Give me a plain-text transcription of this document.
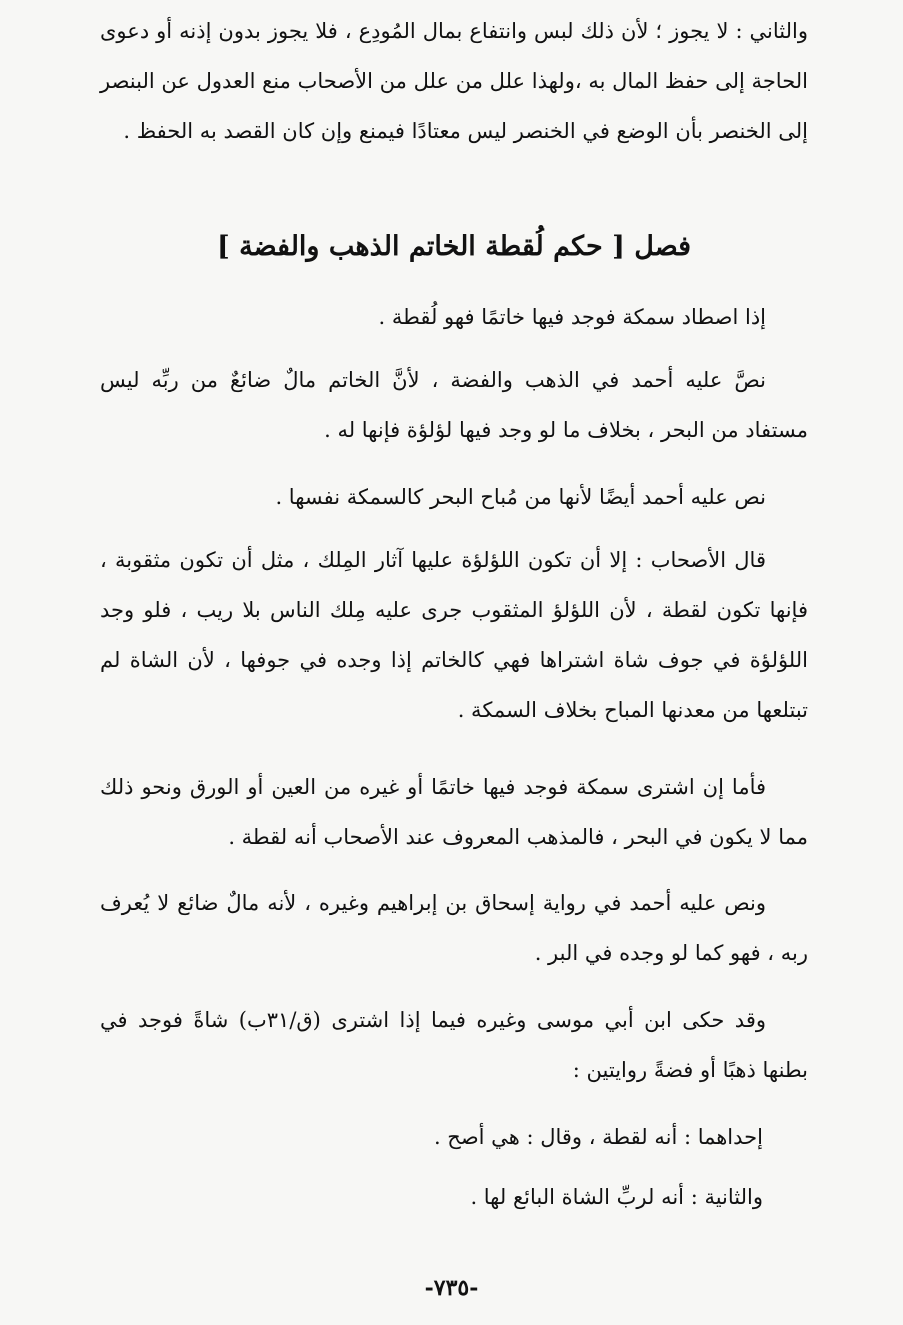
والثاني : لا يجوز ؛ لأن ذلك لبس وانتفاع بمال المُودِع ، فلا يجوز بدون إذنه أو دعوى الحاجة إلى حفظ المال به ،ولهذا علل من علل من الأصحاب منع العدول عن البنصر إلى الخنصر بأن الوضع في الخنصر ليس معتادًا فيمنع وإن كان القصد به الحفظ .

فصل [ حكم لُقطة الخاتم الذهب والفضة ]

إذا اصطاد سمكة فوجد فيها خاتمًا فهو لُقطة .

نصَّ عليه أحمد في الذهب والفضة ، لأنَّ الخاتم مالٌ ضائعٌ من ربِّه ليس مستفاد من البحر ، بخلاف ما لو وجد فيها لؤلؤة فإنها له .

نص عليه أحمد أيضًا لأنها من مُباح البحر كالسمكة نفسها .

قال الأصحاب : إلا أن تكون اللؤلؤة عليها آثار المِلك ، مثل أن تكون مثقوبة ، فإنها تكون لقطة ، لأن اللؤلؤ المثقوب جرى عليه مِلك الناس بلا ريب ، فلو وجد اللؤلؤة في جوف شاة اشتراها فهي كالخاتم إذا وجده في جوفها ، لأن الشاة لم تبتلعها من معدنها المباح بخلاف السمكة .

فأما إن اشترى سمكة فوجد فيها خاتمًا أو غيره من العين أو الورق ونحو ذلك مما لا يكون في البحر ، فالمذهب المعروف عند الأصحاب أنه لقطة .

ونص عليه أحمد في رواية إسحاق بن إبراهيم وغيره ، لأنه مالٌ ضائع لا يُعرف ربه ، فهو كما لو وجده في البر .

وقد حكى ابن أبي موسى وغيره فيما إذا اشترى (ق/٣١ب) شاةً فوجد في بطنها ذهبًا أو فضةً روايتين :

إحداهما : أنه لقطة ، وقال : هي أصح .

والثانية : أنه لربِّ الشاة البائع لها .

-٧٣٥-
